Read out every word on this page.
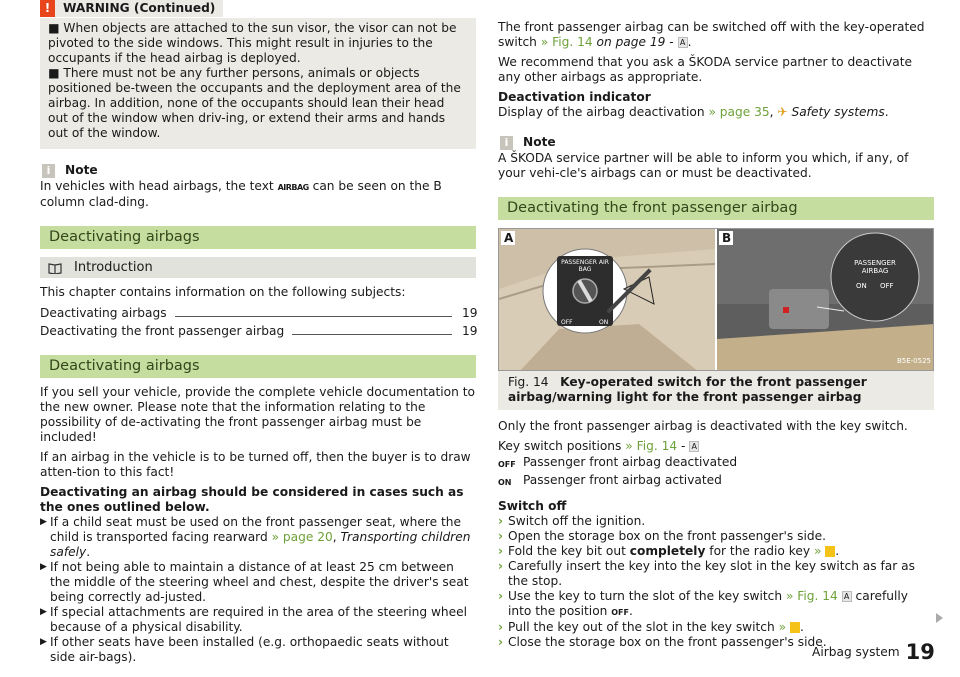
!	WARNING (Continued)
■ When objects are attached to the sun visor, the visor can not be pivoted to the side windows. This might result in injuries to the occupants if the head airbag is deployed.
■ There must not be any further persons, animals or objects positioned be-tween the occupants and the deployment area of the airbag. In addition, none of the occupants should lean their head out of the window when driv-ing, or extend their arms and hands out of the window.
i	Note
In vehicles with head airbags, the text AIRBAG can be seen on the B column clad-ding.
Deactivating airbags
Introduction

This chapter contains information on the following subjects:

Deactivating airbags	19
Deactivating the front passenger airbag	19
Deactivating airbags

If you sell your vehicle, provide the complete vehicle documentation to the new owner. Please note that the information relating to the possibility of de-activating the front passenger airbag must be included!

If an airbag in the vehicle is to be turned off, then the buyer is to draw atten-tion to this fact!

Deactivating an airbag should be considered in cases such as the ones outlined below.

▶ If a child seat must be used on the front passenger seat, where the child is transported facing rearward » page 20, Transporting children safely.
▶ If not being able to maintain a distance of at least 25 cm between the middle of the steering wheel and chest, despite the driver's seat being correctly ad-justed.
▶ If special attachments are required in the area of the steering wheel because of a physical disability.
▶ If other seats have been installed (e.g. orthopaedic seats without side air-bags).
The front passenger airbag can be switched off with the key-operated switch » Fig. 14 on page 19 - A .

We recommend that you ask a ŠKODA service partner to deactivate any other airbags as appropriate.

Deactivation indicator

Display of the airbag deactivation » page 35, ✈ Safety systems.
i	Note
A ŠKODA service partner will be able to inform you which, if any, of your vehi-cle's airbags can or must be deactivated.
Deactivating the front passenger airbag
A	B
PASSENGER AIR BAG
OFF	ON
PASSENGER AIRBAG
ON OFF
B5E-0525
Fig. 14 Key-operated switch for the front passenger airbag/warning light for the front passenger airbag

Only the front passenger airbag is deactivated with the key switch.

Key switch positions » Fig. 14 - A
OFF Passenger front airbag deactivated
ON Passenger front airbag activated

Switch off

› Switch off the ignition.
› Open the storage box on the front passenger's side.
› Fold the key bit out completely for the radio key » .
› Carefully insert the key into the key slot in the key switch as far as the stop.
› Use the key to turn the slot of the key switch » Fig. 14 A carefully into the position OFF.
› Pull the key out of the slot in the key switch » .
› Close the storage box on the front passenger's side.
Airbag system 19
